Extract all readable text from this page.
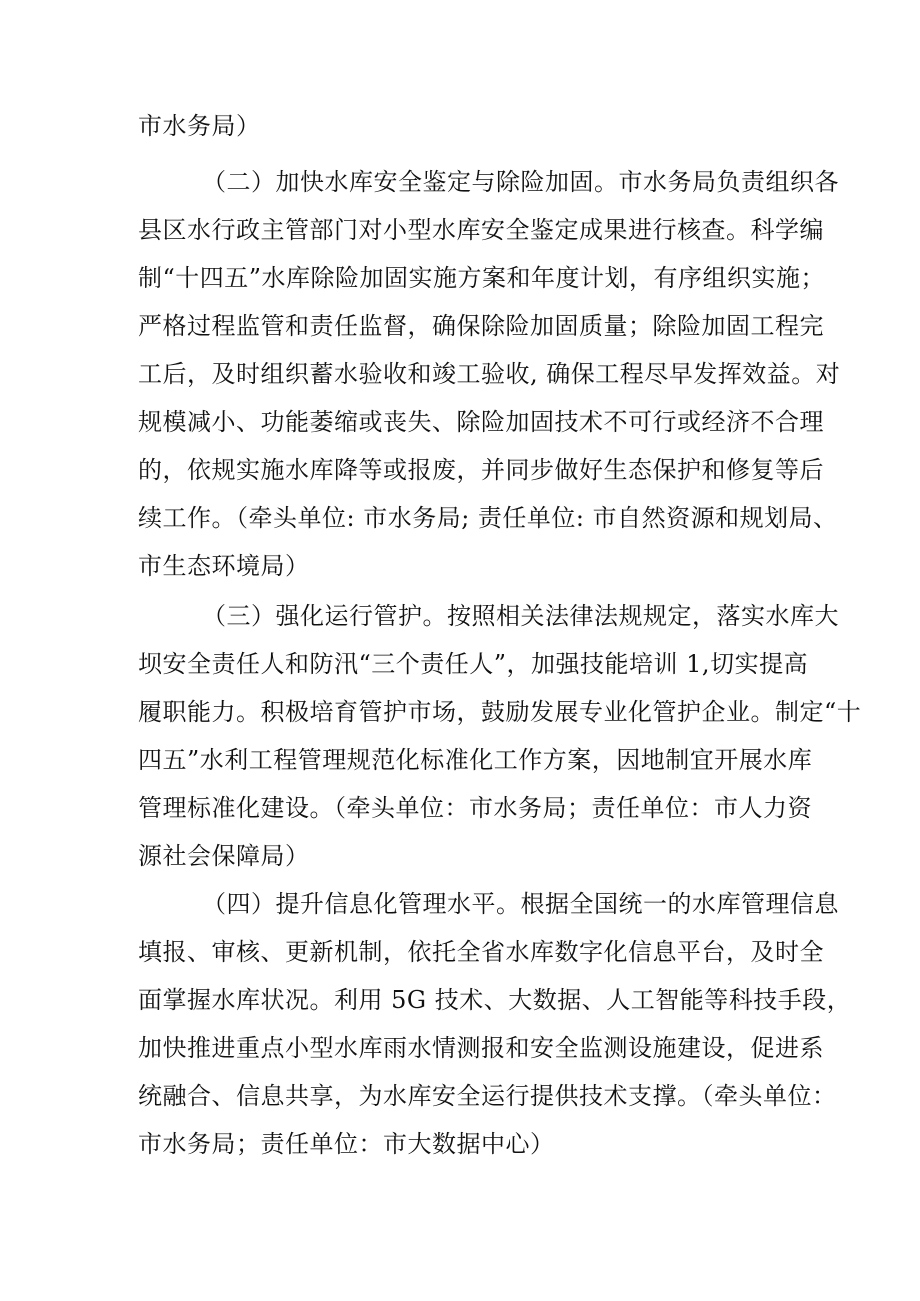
市水务局）
（二）加快水库安全鉴定与除险加固。市水务局负责组织各
县区水行政主管部门对小型水库安全鉴定成果进行核查。科学编
制“十四五”水库除险加固实施方案和年度计划，有序组织实施；
严格过程监管和责任监督，确保除险加固质量；除险加固工程完
工后，及时组织蓄水验收和竣工验收, 确保工程尽早发挥效益。对
规模减小、功能萎缩或丧失、除险加固技术不可行或经济不合理
的，依规实施水库降等或报废，并同步做好生态保护和修复等后
续工作。（牵头单位: 市水务局; 责任单位: 市自然资源和规划局、
市生态环境局）
（三）强化运行管护。按照相关法律法规规定，落实水库大
坝安全责任人和防汛“三个责任人”，加强技能培训 1,切实提高
履职能力。积极培育管护市场，鼓励发展专业化管护企业。制定“十
四五”水利工程管理规范化标准化工作方案，因地制宜开展水库
管理标准化建设。（牵头单位：市水务局；责任单位：市人力资
源社会保障局）
（四）提升信息化管理水平。根据全国统一的水库管理信息
填报、审核、更新机制，依托全省水库数字化信息平台，及时全
面掌握水库状况。利用 5G 技术、大数据、人工智能等科技手段，
加快推进重点小型水库雨水情测报和安全监测设施建设，促进系
统融合、信息共享，为水库安全运行提供技术支撑。（牵头单位：
市水务局；责任单位：市大数据中心）
